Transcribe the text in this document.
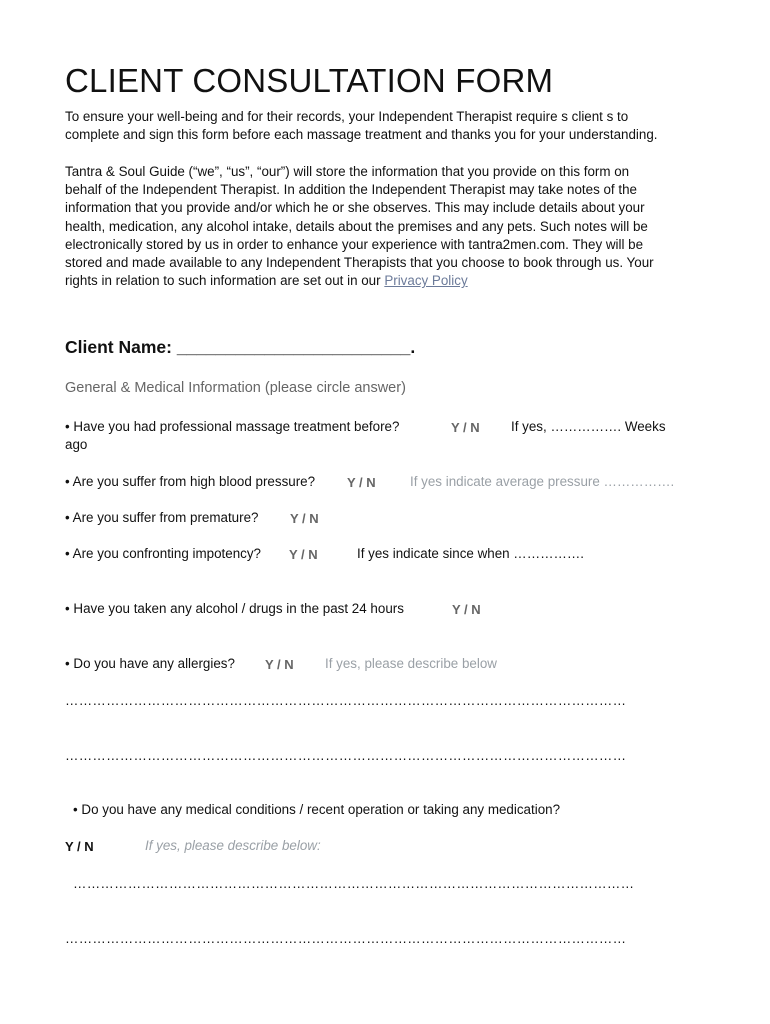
CLIENT CONSULTATION FORM
To ensure your well-being and for their records, your Independent Therapist require s client s to
complete and sign this form before each massage treatment and thanks you for your understanding.
Tantra & Soul Guide (“we”, “us”, “our”) will store the information that you provide on this form on
behalf of the Independent Therapist. In addition the Independent Therapist may take notes of the
information that you provide and/or which he or she observes. This may include details about your
health, medication, any alcohol intake, details about the premises and any pets. Such notes will be
electronically stored by us in order to enhance your experience with tantra2men.com. They will be
stored and made available to any Independent Therapists that you choose to book through us. Your
rights in relation to such information are set out in our Privacy Policy
Client Name: ________________________.
General & Medical Information (please circle answer)
• Have you had professional massage treatment before?	Y / N If yes, ……………. Weeks
ago
• Are you suffer from high blood pressure? Y / N	If yes indicate average pressure …………….
• Are you suffer from premature? Y / N
• Are you confronting impotency? Y / N	If yes indicate since when …………….
• Have you taken any alcohol / drugs in the past 24 hours	Y / N
• Do you have any allergies? Y / N If yes, please describe below
……………………………………………………………………………………………………………
……………………………………………………………………………………………………………
• Do you have any medical conditions / recent operation or taking any medication?
Y / N	If yes, please describe below:
……………………………………………………………………………………………………………
……………………………………………………………………………………………………………
